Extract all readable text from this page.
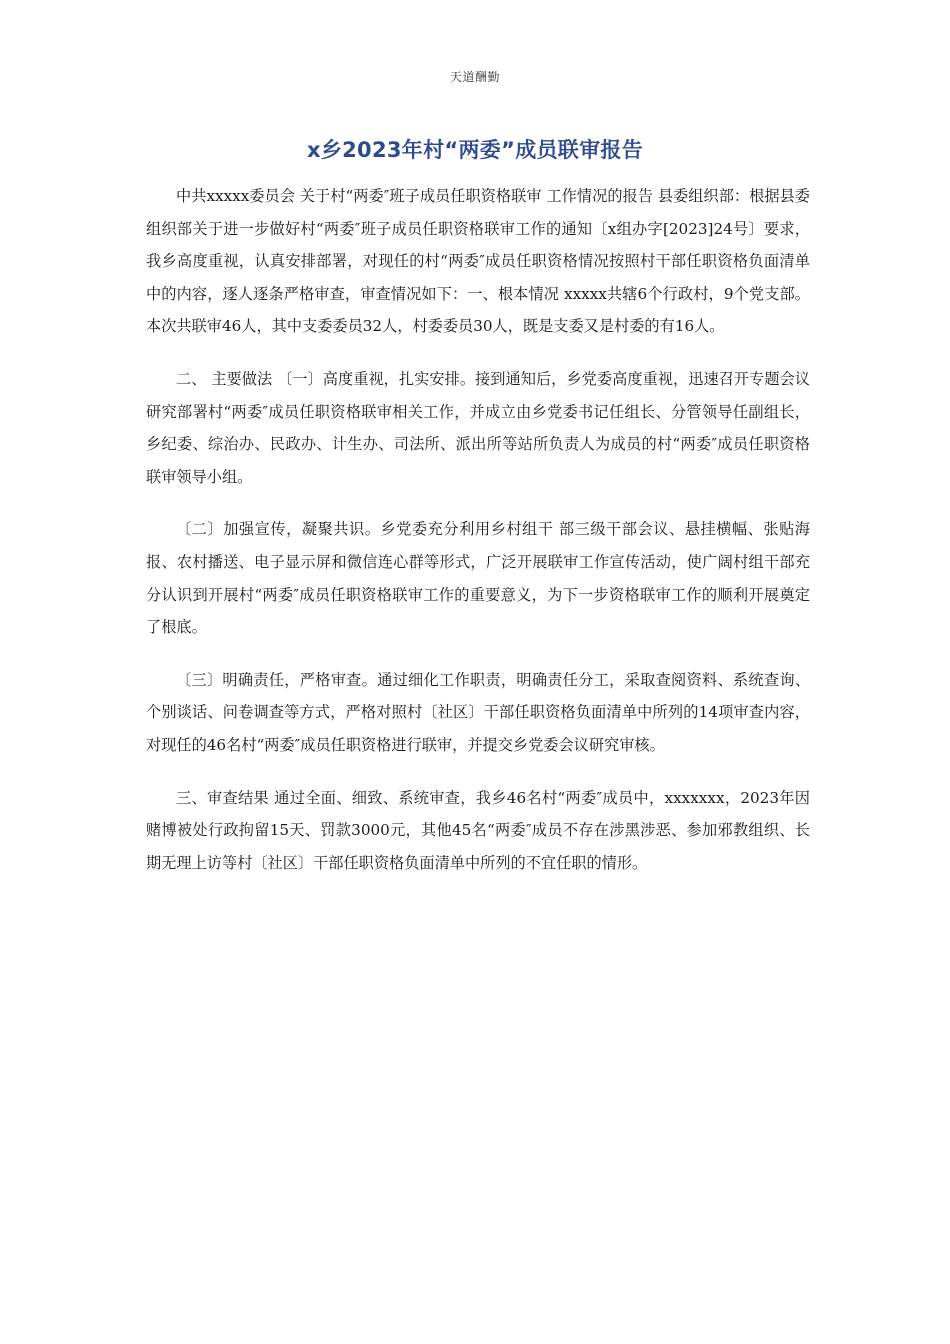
天道酬勤
x乡2023年村“两委”成员联审报告

中共xxxxx委员会 关于村“两委″班子成员任职资格联审 工作情况的报告 县委组织部：根据县委组织部关于进一步做好村“两委″班子成员任职资格联审工作的通知〔x组办字[2023]24号〕要求，我乡高度重视，认真安排部署，对现任的村“两委″成员任职资格情况按照村干部任职资格负面清单中的内容，逐人逐条严格审查，审查情况如下：一、根本情况 xxxxx共辖6个行政村，9个党支部。本次共联审46人，其中支委委员32人，村委委员30人，既是支委又是村委的有16人。

二、 主要做法 〔一〕高度重视，扎实安排。接到通知后，乡党委高度重视，迅速召开专题会议研究部署村“两委″成员任职资格联审相关工作，并成立由乡党委书记任组长、分管领导任副组长，乡纪委、综治办、民政办、计生办、司法所、派出所等站所负责人为成员的村“两委″成员任职资格联审领导小组。

〔二〕加强宣传，凝聚共识。乡党委充分利用乡村组干 部三级干部会议、悬挂横幅、张贴海报、农村播送、电子显示屏和微信连心群等形式，广泛开展联审工作宣传活动，使广阔村组干部充分认识到开展村“两委″成员任职资格联审工作的重要意义，为下一步资格联审工作的顺利开展奠定了根底。

〔三〕明确责任，严格审查。通过细化工作职责，明确责任分工，采取查阅资料、系统查询、个别谈话、问卷调查等方式，严格对照村〔社区〕干部任职资格负面清单中所列的14项审查内容，对现任的46名村“两委″成员任职资格进行联审，并提交乡党委会议研究审核。

三、审查结果 通过全面、细致、系统审查，我乡46名村“两委″成员中，xxxxxxx，2023年因赌博被处行政拘留15天、罚款3000元，其他45名“两委″成员不存在涉黑涉恶、参加邪教组织、长期无理上访等村〔社区〕干部任职资格负面清单中所列的不宜任职的情形。
